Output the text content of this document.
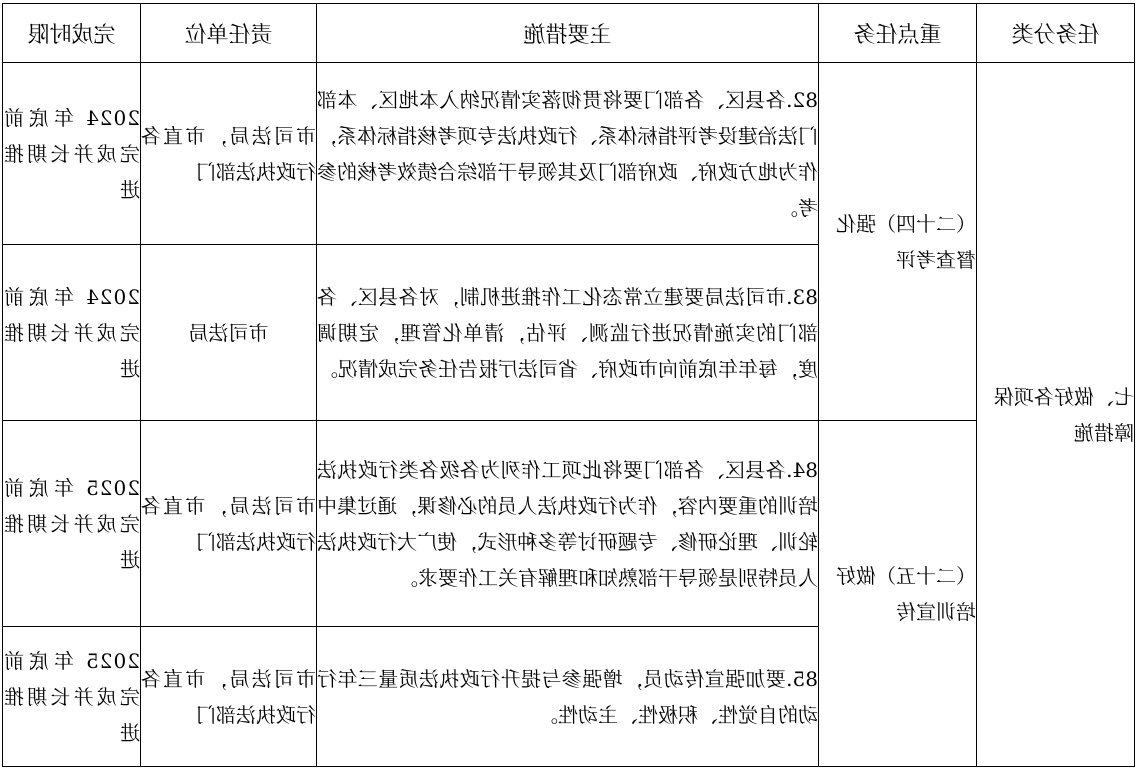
任务分类	重点任务	主要措施	责任单位	完成时限
七、做好各项保障措施	（二十四）强化督查考评	82.各县区、各部门要将贯彻落实情况纳入本地区、本部门法治建设考评指标体系、行政执法专项考核指标体系，作为地方政府、政府部门及其领导干部综合绩效考核的参考。	市司法局，市直各行政执法部门	2024 年底前完成并长期推进
		83.市司法局要建立常态化工作推进机制，对各县区、各部门的实施情况进行监测、评估，清单化管理，定期调度，每年年底前向市政府、省司法厅报告任务完成情况。	市司法局	2024 年底前完成并长期推进
	（二十五）做好培训宣传	84.各县区、各部门要将此项工作列为各级各类行政执法培训的重要内容，作为行政执法人员的必修课，通过集中轮训、理论研修、专题研讨等多种形式，使广大行政执法人员特别是领导干部熟知和理解有关工作要求。	市司法局，市直各行政执法部门	2025 年底前完成并长期推进
		85.要加强宣传动员，增强参与提升行政执法质量三年行动的自觉性、积极性、主动性。	市司法局，市直各行政执法部门	2025 年底前完成并长期推进
